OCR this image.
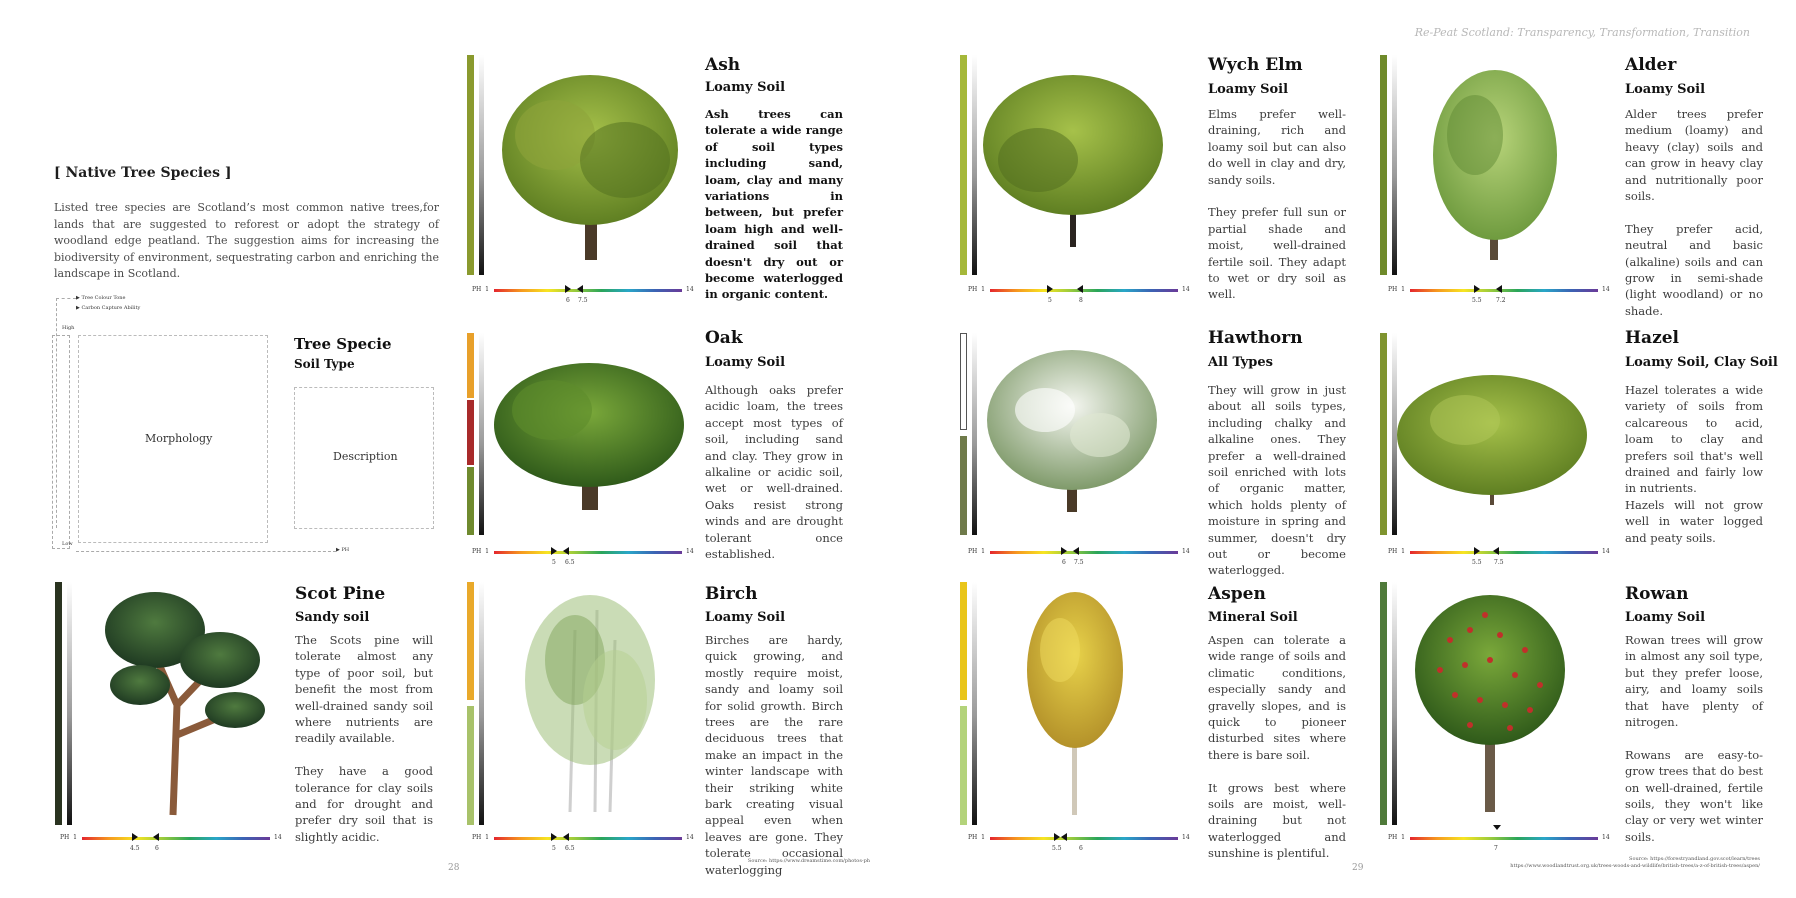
Re-Peat Scotland: Transparency, Transformation, Transition
[ Native Tree Species ]
Listed tree species are Scotland’s most common native trees,for lands that are suggested to reforest or adopt the strategy of woodland edge peatland. The suggestion aims for increasing the biodiversity of environment, sequestrating carbon and enriching the landscape in Scotland.
▶ Tree Colour Tone
▶ Carbon Capture Ability
High
Low
▶ PH
Morphology
Tree Specie
Soil Type
Description
Ash
Loamy Soil
Ash trees can tolerate a wide range of soil types including sand, loam, clay and many variations in between, but prefer loam high and well-drained soil that doesn't dry out or become waterlogged in organic content.
PH 1	14
6 7.5
Oak
Loamy Soil
Although oaks prefer acidic loam, the trees accept most types of soil, including sand and clay. They grow in alkaline or acidic soil, wet or well-drained. Oaks resist strong winds and are drought tolerant once established.
PH 1	14
5 6.5
Scot Pine
Sandy soil
The Scots pine will tolerate almost any type of poor soil, but benefit the most from well-drained sandy soil where nutrients are readily available.

They have a good tolerance for clay soils and for drought and prefer dry soil that is slightly acidic.
PH 1	14
4.5	6
Birch
Loamy Soil
Birches are hardy, quick growing, and mostly require moist, sandy and loamy soil for solid growth. Birch trees are the rare deciduous trees that make an impact in the winter landscape with their striking white bark creating visual appeal even when leaves are gone. They tolerate occasional waterlogging
PH 1	14
5 6.5
Source: https://www.dreamstime.com/photos-ph
28
Wych Elm
Loamy Soil
Elms prefer well-draining, rich and loamy soil but can also do well in clay and dry, sandy soils.

They prefer full sun or partial shade and moist, well-drained fertile soil. They adapt to wet or dry soil as well.
PH 1	14
5	8
Alder
Loamy Soil
Alder trees prefer medium (loamy) and heavy (clay) soils and can grow in heavy clay and nutritionally poor soils.

They prefer acid, neutral and basic (alkaline) soils and can grow in semi-shade (light woodland) or no shade.
PH 1	14
5.5 7.2
Hawthorn
All Types
They will grow in just about all soils types, including chalky and alkaline ones. They prefer a well-drained soil enriched with lots of organic matter, which holds plenty of moisture in spring and summer, doesn't dry out or become waterlogged.
PH 1	14
6 7.5
Hazel
Loamy Soil, Clay Soil
Hazel tolerates a wide variety of soils from calcareous to acid, loam to clay and prefers soil that's well drained and fairly low in nutrients.
Hazels will not grow well in water logged and peaty soils.
PH 1	14
5.5 7.5
Aspen
Mineral Soil
Aspen can tolerate a wide range of soils and climatic conditions, especially sandy and gravelly slopes, and is quick to pioneer disturbed sites where there is bare soil.

It grows best where soils are moist, well-draining but not waterlogged and sunshine is plentiful.
PH 1	14
5.5	6
29
Rowan
Loamy Soil
Rowan trees will grow in almost any soil type, but they prefer loose, airy, and loamy soils that have plenty of nitrogen.

Rowans are easy-to-grow trees that do best on well-drained, fertile soils, they won't like clay or very wet winter soils.
PH 1	14
7
Source: https://forestryandland.gov.scot/learn/trees
https://www.woodlandtrust.org.uk/trees-woods-and-wildlife/british-trees/a-z-of-british-trees/aspen/
